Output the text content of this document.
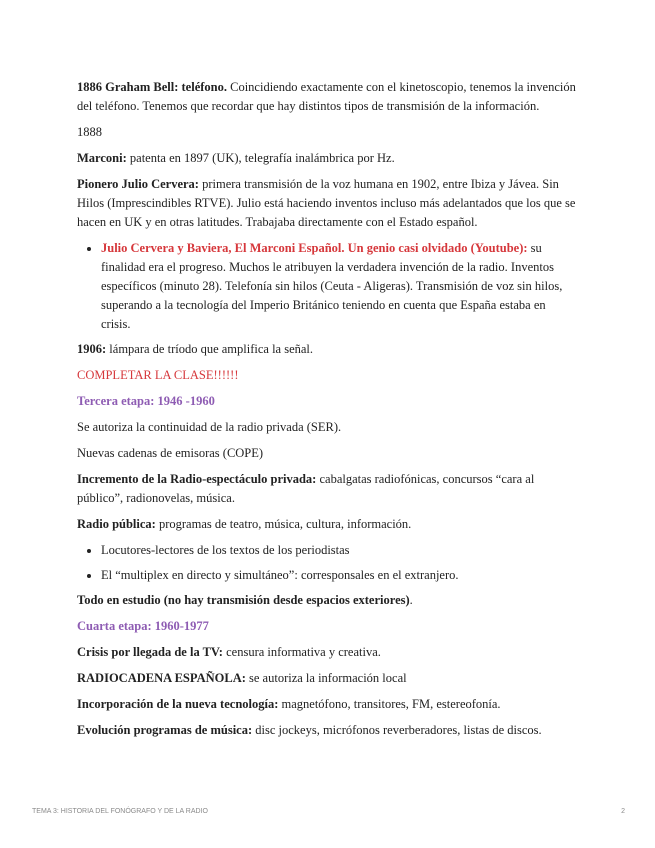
1886 Graham Bell: teléfono. Coincidiendo exactamente con el kinetoscopio, tenemos la invención del teléfono. Tenemos que recordar que hay distintos tipos de transmisión de la información.

1888

Marconi: patenta en 1897 (UK), telegrafía inalámbrica por Hz.

Pionero Julio Cervera: primera transmisión de la voz humana en 1902, entre Ibiza y Jávea. Sin Hilos (Imprescindibles RTVE). Julio está haciendo inventos incluso más adelantados que los que se hacen en UK y en otras latitudes. Trabajaba directamente con el Estado español.

• Julio Cervera y Baviera, El Marconi Español. Un genio casi olvidado (Youtube): su finalidad era el progreso. Muchos le atribuyen la verdadera invención de la radio. Inventos específicos (minuto 28). Telefonía sin hilos (Ceuta - Aligeras). Transmisión de voz sin hilos, superando a la tecnología del Imperio Británico teniendo en cuenta que España estaba en crisis.

1906: lámpara de tríodo que amplifica la señal.

COMPLETAR LA CLASE!!!!!!

Tercera etapa: 1946 -1960

Se autoriza la continuidad de la radio privada (SER).

Nuevas cadenas de emisoras (COPE)

Incremento de la Radio-espectáculo privada: cabalgatas radiofónicas, concursos “cara al público”, radionovelas, música.

Radio pública: programas de teatro, música, cultura, información.

• Locutores-lectores de los textos de los periodistas
• El “multiplex en directo y simultáneo”: corresponsales en el extranjero.

Todo en estudio (no hay transmisión desde espacios exteriores).

Cuarta etapa: 1960-1977

Crisis por llegada de la TV: censura informativa y creativa.

RADIOCADENA ESPAÑOLA: se autoriza la información local

Incorporación de la nueva tecnología: magnetófono, transitores, FM, estereofonía.

Evolución programas de música: disc jockeys, micrófonos reverberadores, listas de discos.

TEMA 3: HISTORIA DEL FONÓGRAFO Y DE LA RADIO	2
